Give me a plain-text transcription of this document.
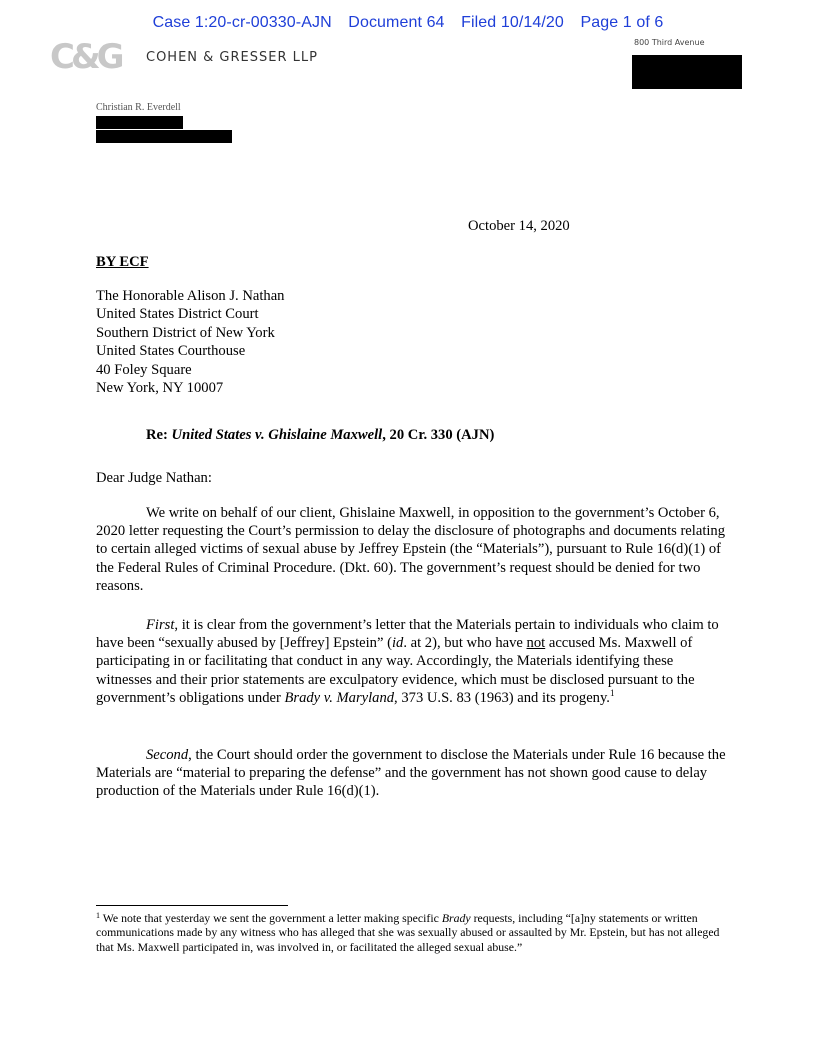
Case 1:20-cr-00330-AJN Document 64 Filed 10/14/20 Page 1 of 6
C&G COHEN & GRESSER LLP
800 Third Avenue
Christian R. Everdell
October 14, 2020
BY ECF
The Honorable Alison J. Nathan
United States District Court
Southern District of New York
United States Courthouse
40 Foley Square
New York, NY 10007
Re: United States v. Ghislaine Maxwell, 20 Cr. 330 (AJN)
Dear Judge Nathan:
We write on behalf of our client, Ghislaine Maxwell, in opposition to the government’s October 6, 2020 letter requesting the Court’s permission to delay the disclosure of photographs and documents relating to certain alleged victims of sexual abuse by Jeffrey Epstein (the “Materials”), pursuant to Rule 16(d)(1) of the Federal Rules of Criminal Procedure. (Dkt. 60). The government’s request should be denied for two reasons.
First, it is clear from the government’s letter that the Materials pertain to individuals who claim to have been “sexually abused by [Jeffrey] Epstein” (id. at 2), but who have not accused Ms. Maxwell of participating in or facilitating that conduct in any way. Accordingly, the Materials identifying these witnesses and their prior statements are exculpatory evidence, which must be disclosed pursuant to the government’s obligations under Brady v. Maryland, 373 U.S. 83 (1963) and its progeny.$^1$
Second, the Court should order the government to disclose the Materials under Rule 16 because the Materials are “material to preparing the defense” and the government has not shown good cause to delay production of the Materials under Rule 16(d)(1).
$^1$ We note that yesterday we sent the government a letter making specific Brady requests, including “[a]ny statements or written communications made by any witness who has alleged that she was sexually abused or assaulted by Mr. Epstein, but has not alleged that Ms. Maxwell participated in, was involved in, or facilitated the alleged sexual abuse.”
